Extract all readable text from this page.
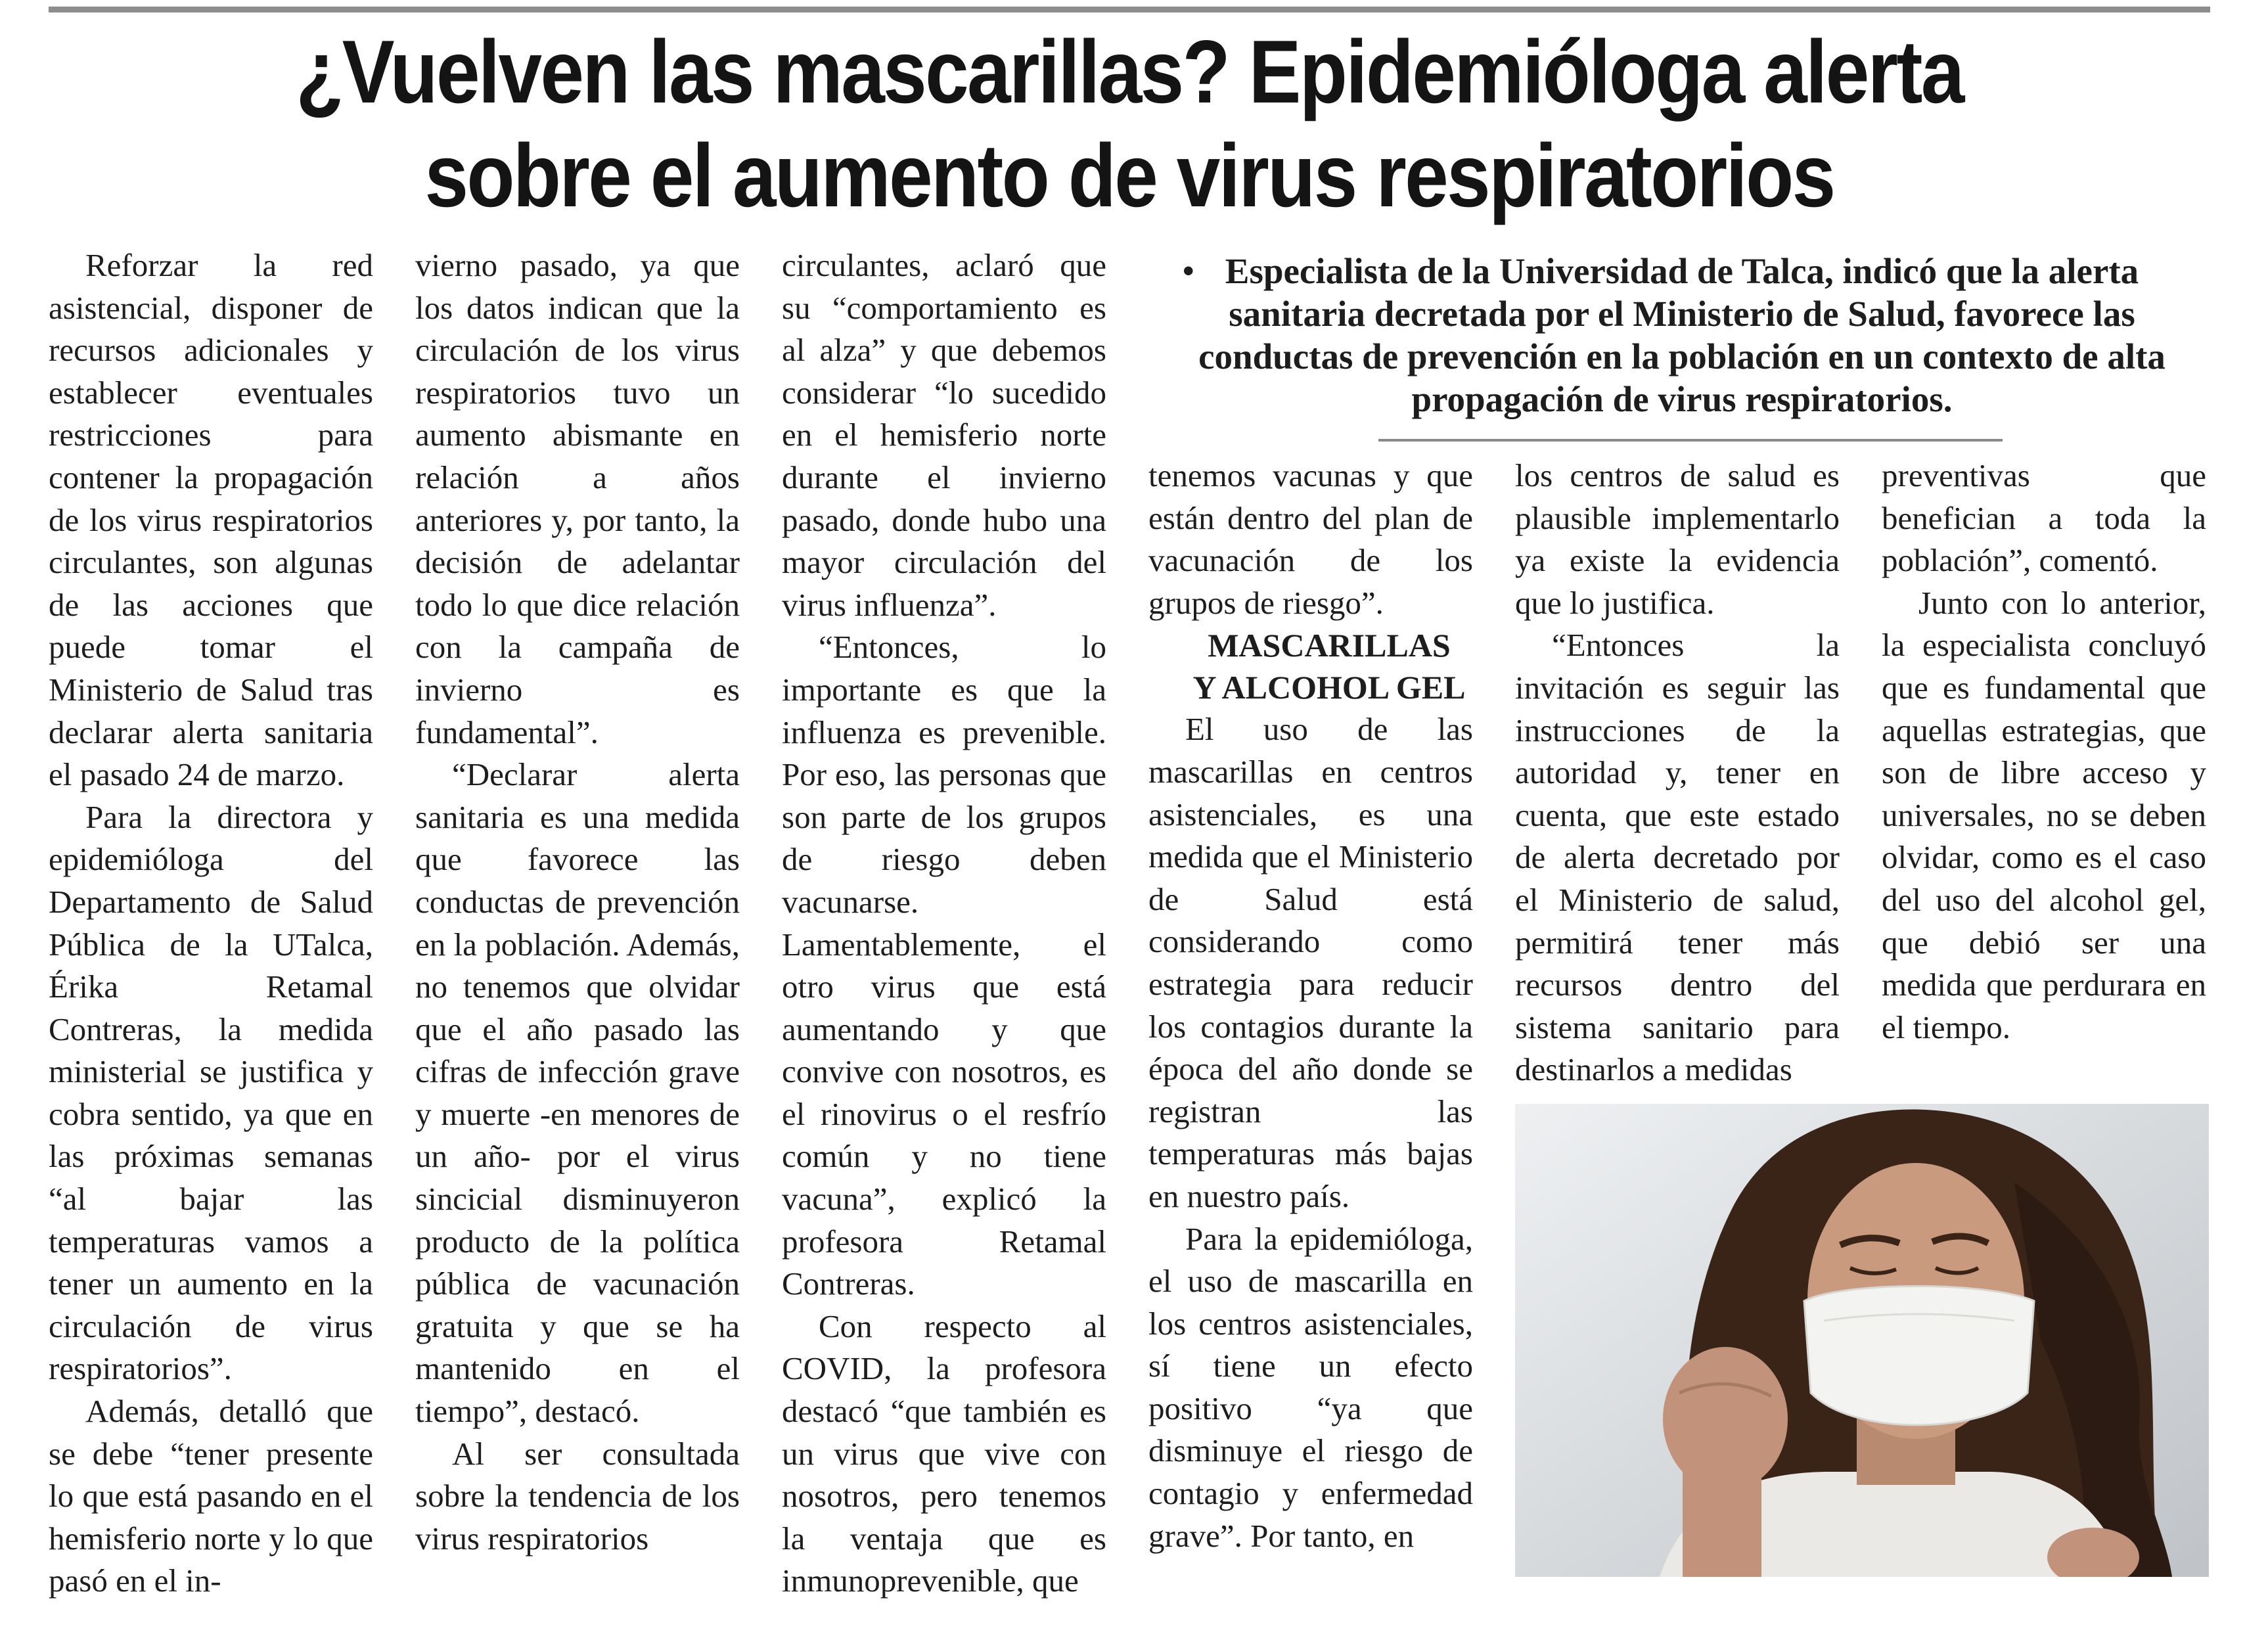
¿Vuelven las mascarillas? Epidemióloga alerta
sobre el aumento de virus respiratorios

Reforzar la red asistencial, disponer de recursos adicionales y establecer eventuales restricciones para contener la propagación de los virus respiratorios circulantes, son algunas de las acciones que puede tomar el Ministerio de Salud tras declarar alerta sanitaria el pasado 24 de marzo.

Para la directora y epidemióloga del Departamento de Salud Pública de la UTalca, Érika Retamal Contreras, la medida ministerial se justifica y cobra sentido, ya que en las próximas semanas “al bajar las temperaturas vamos a tener un aumento en la circulación de virus respiratorios”.

Además, detalló que se debe “tener presente lo que está pasando en el hemisferio norte y lo que pasó en el in-

vierno pasado, ya que los datos indican que la circulación de los virus respiratorios tuvo un aumento abismante en relación a años anteriores y, por tanto, la decisión de adelantar todo lo que dice relación con la campaña de invierno es fundamental”.

“Declarar alerta sanitaria es una medida que favorece las conductas de prevención en la población. Además, no tenemos que olvidar que el año pasado las cifras de infección grave y muerte -en menores de un año- por el virus sincicial disminuyeron producto de la política pública de vacunación gratuita y que se ha mantenido en el tiempo”, destacó.

Al ser consultada sobre la tendencia de los virus respiratorios

circulantes, aclaró que su “comportamiento es al alza” y que debemos considerar “lo sucedido en el hemisferio norte durante el invierno pasado, donde hubo una mayor circulación del virus influenza”.

“Entonces, lo importante es que la influenza es prevenible. Por eso, las personas que son parte de los grupos de riesgo deben vacunarse. Lamentablemente, el otro virus que está aumentando y que convive con nosotros, es el rinovirus o el resfrío común y no tiene vacuna”, explicó la profesora Retamal Contreras.

Con respecto al COVID, la profesora destacó “que también es un virus que vive con nosotros, pero tenemos la ventaja que es inmunoprevenible, que

• Especialista de la Universidad de Talca, indicó que la alerta sanitaria decretada por el Ministerio de Salud, favorece las conductas de prevención en la población en un contexto de alta propagación de virus respiratorios.

tenemos vacunas y que están dentro del plan de vacunación de los grupos de riesgo”.

MASCARILLAS

Y ALCOHOL GEL

El uso de las mascarillas en centros asistenciales, es una medida que el Ministerio de Salud está considerando como estrategia para reducir los contagios durante la época del año donde se registran las temperaturas más bajas en nuestro país.

Para la epidemióloga, el uso de mascarilla en los centros asistenciales, sí tiene un efecto positivo “ya que disminuye el riesgo de contagio y enfermedad grave”. Por tanto, en

los centros de salud es plausible implementarlo ya existe la evidencia que lo justifica.

“Entonces la invitación es seguir las instrucciones de la autoridad y, tener en cuenta, que este estado de alerta decretado por el Ministerio de salud, permitirá tener más recursos dentro del sistema sanitario para destinarlos a medidas

preventivas que benefician a toda la población”, comentó.

Junto con lo anterior, la especialista concluyó que es fundamental que aquellas estrategias, que son de libre acceso y universales, no se deben olvidar, como es el caso del uso del alcohol gel, que debió ser una medida que perdurara en el tiempo.
